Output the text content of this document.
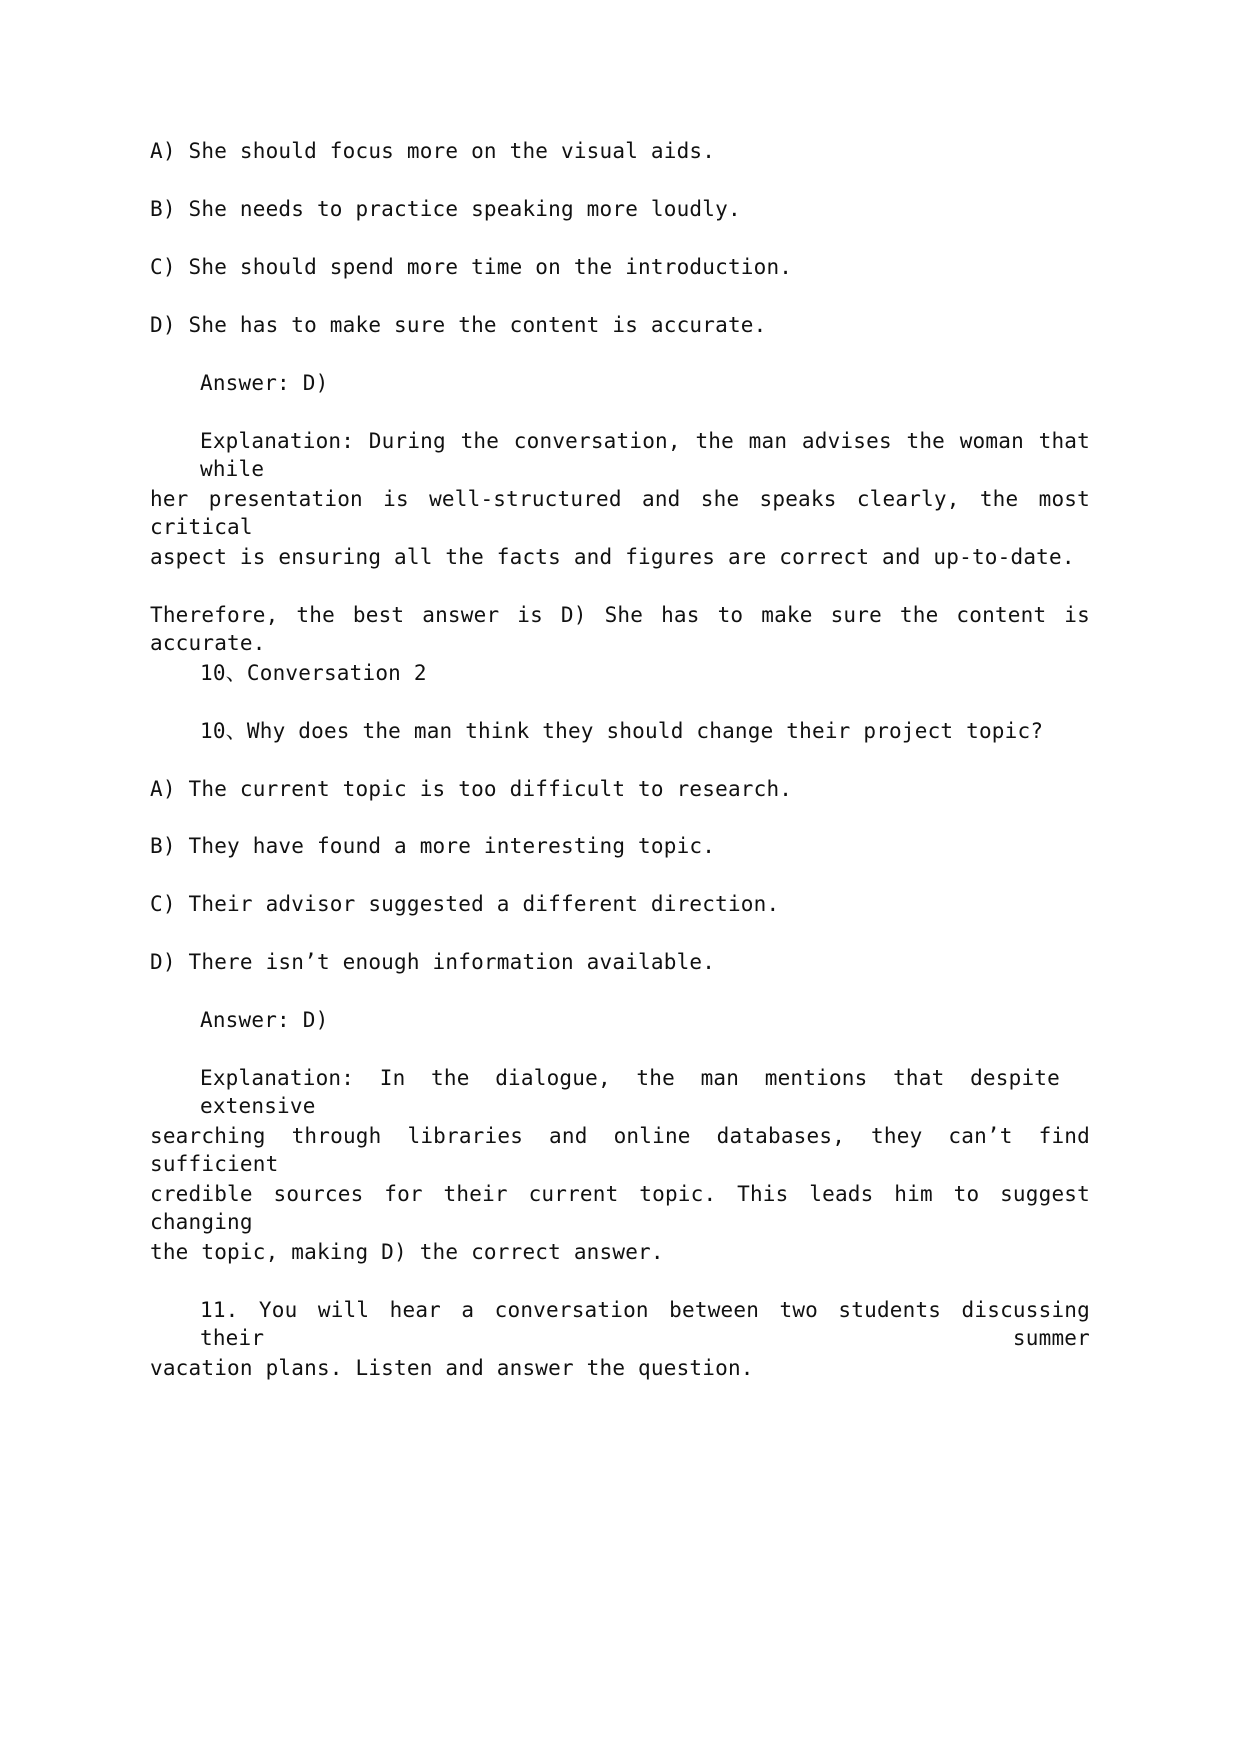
A) She should focus more on the visual aids.
B) She needs to practice speaking more loudly.
C) She should spend more time on the introduction.
D) She has to make sure the content is accurate.
Answer: D)
Explanation: During the conversation, the man advises the woman that while
her presentation is well-structured and she speaks clearly, the most critical
aspect is ensuring all the facts and figures are correct and up-to-date.
Therefore, the best answer is D) She has to make sure the content is accurate.
10、Conversation 2
10、Why does the man think they should change their project topic?
A) The current topic is too difficult to research.
B) They have found a more interesting topic.
C) Their advisor suggested a different direction.
D) There isn’t enough information available.
Answer: D)
Explanation: In the dialogue, the man mentions that despite extensive
searching through libraries and online databases, they can’t find sufficient
credible sources for their current topic. This leads him to suggest changing
the topic, making D) the correct answer.
11. You will hear a conversation between two students discussing their summer
vacation plans. Listen and answer the question.
